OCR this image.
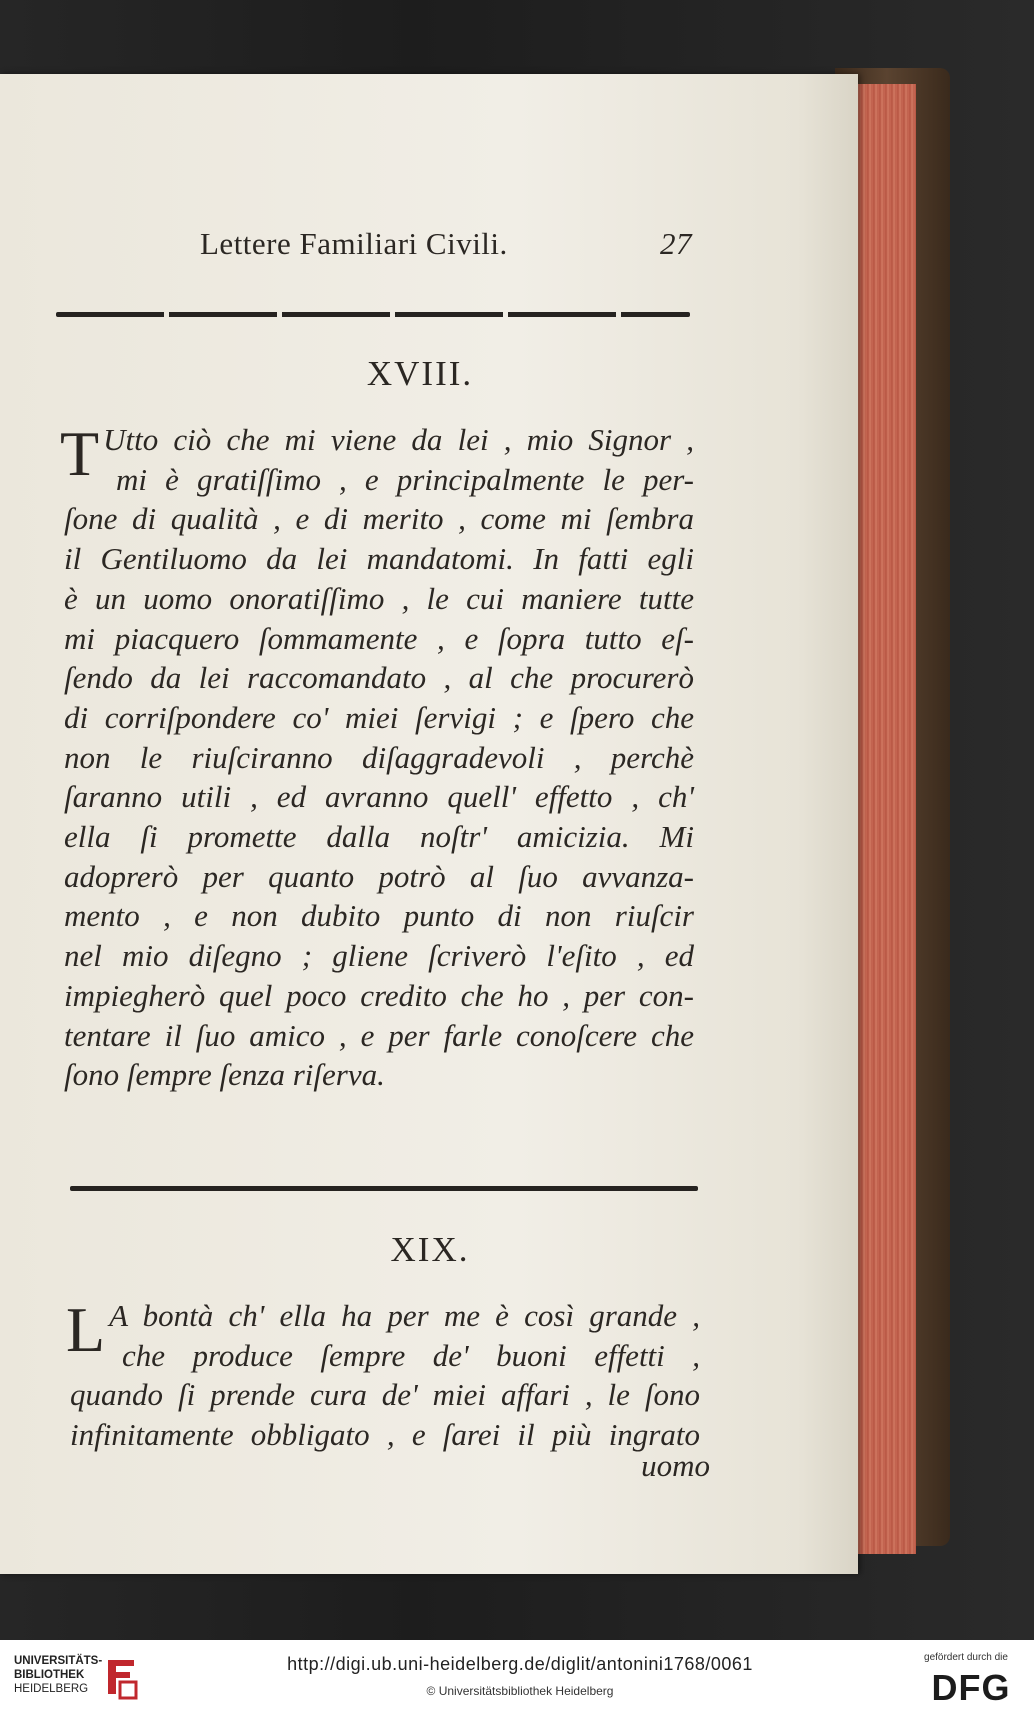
Lettere Familiari Civili.	27
XVIII.
T Utto ciò che mi viene da lei , mio Signor ,
mi è gratiſſimo , e principalmente le per-
ſone di qualità , e di merito , come mi ſembra
il Gentiluomo da lei mandatomi. In fatti egli
è un uomo onoratiſſimo , le cui maniere tutte
mi piacquero ſommamente , e ſopra tutto eſ-
ſendo da lei raccomandato , al che procurerò
di corriſpondere co' miei ſervigi ; e ſpero che
non le riuſciranno diſaggradevoli , perchè
ſaranno utili , ed avranno quell' effetto , ch'
ella ſi promette dalla noſtr' amicizia. Mi
adoprerò per quanto potrò al ſuo avvanza-
mento , e non dubito punto di non riuſcir
nel mio diſegno ; gliene ſcriverò l'eſito , ed
impiegherò quel poco credito che ho , per con-
tentare il ſuo amico , e per farle conoſcere che
ſono ſempre ſenza riſerva.
XIX.
L A bontà ch' ella ha per me è così grande ,
che produce ſempre de' buoni effetti ,
quando ſi prende cura de' miei affari , le ſono
infinitamente obbligato , e ſarei il più ingrato
uomo
UNIVERSITÄTS-
BIBLIOTHEK
HEIDELBERG
http://digi.ub.uni-heidelberg.de/diglit/antonini1768/0061
© Universitätsbibliothek Heidelberg
gefördert durch die
DFG
